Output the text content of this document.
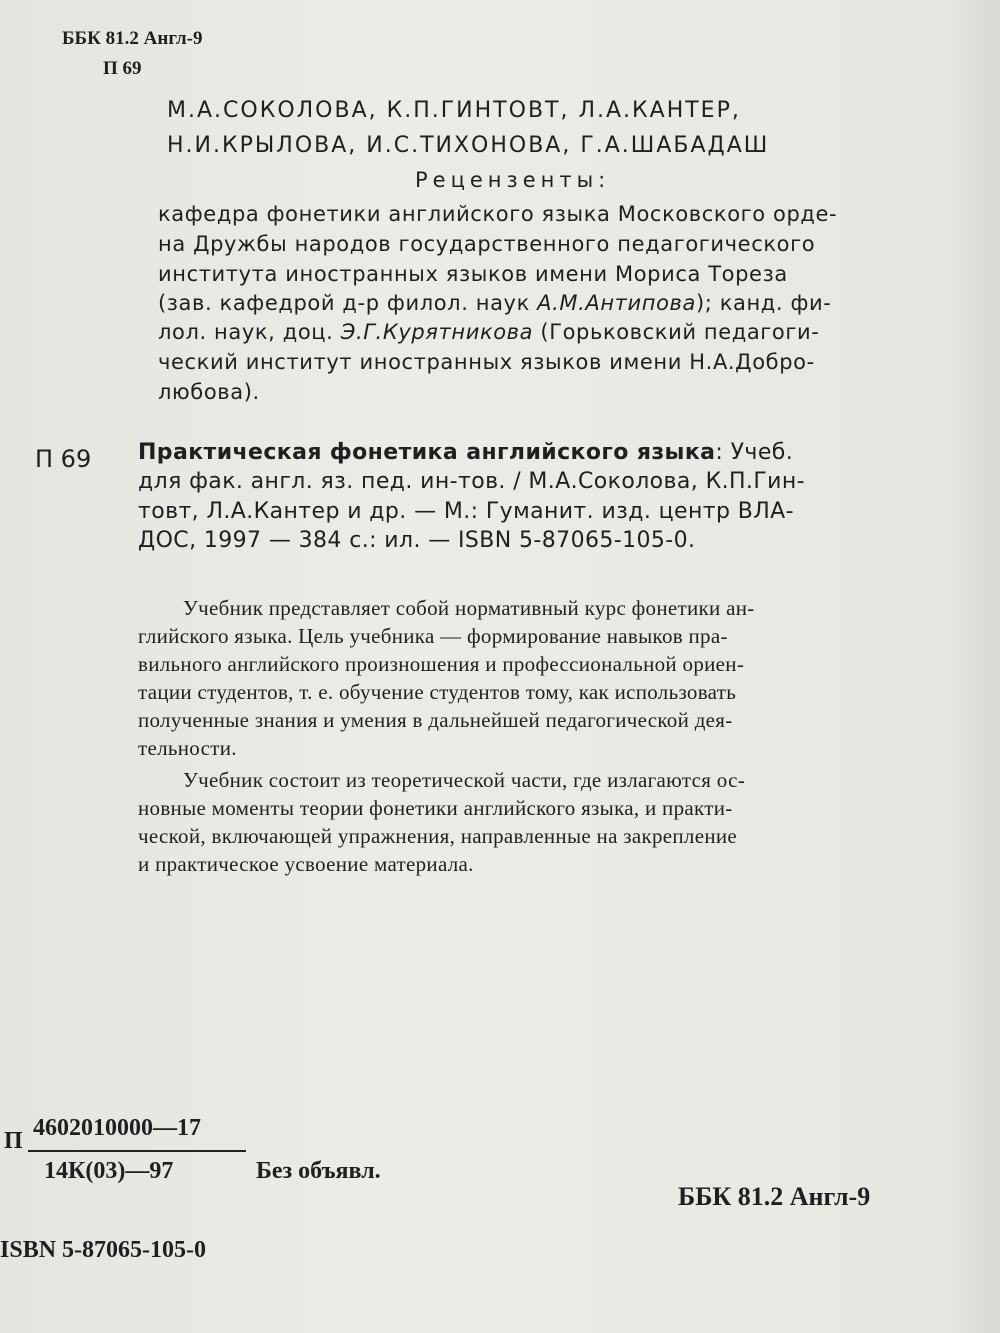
ББК 81.2 Англ-9
П 69
М.А.СОКОЛОВА, К.П.ГИНТОВТ, Л.А.КАНТЕР,
Н.И.КРЫЛОВА, И.С.ТИХОНОВА, Г.А.ШАБАДАШ
Рецензенты:
кафедра фонетики английского языка Московского орде-
на Дружбы народов государственного педагогического
института иностранных языков имени Мориса Тореза
(зав. кафедрой д-р филол. наук А.М.Антипова); канд. фи-
лол. наук, доц. Э.Г.Курятникова (Горьковский педагоги-
ческий институт иностранных языков имени Н.А.Добро-
любова).
П 69 Практическая фонетика английского языка: Учеб.
для фак. англ. яз. пед. ин-тов. / М.А.Соколова, К.П.Гин-
товт, Л.А.Кантер и др. — М.: Гуманит. изд. центр ВЛА-
ДОС, 1997 — 384 с.: ил. — ISBN 5-87065-105-0.
Учебник представляет собой нормативный курс фонетики ан-
глийского языка. Цель учебника — формирование навыков пра-
вильного английского произношения и профессиональной ориен-
тации студентов, т. е. обучение студентов тому, как использовать
полученные знания и умения в дальнейшей педагогической дея-
тельности.
Учебник состоит из теоретической части, где излагаются ос-
новные моменты теории фонетики английского языка, и практи-
ческой, включающей упражнения, направленные на закрепление
и практическое усвоение материала.
П 4602010000—17
14К(03)—97	Без объявл.
ББК 81.2 Англ-9
ISBN 5-87065-105-0
